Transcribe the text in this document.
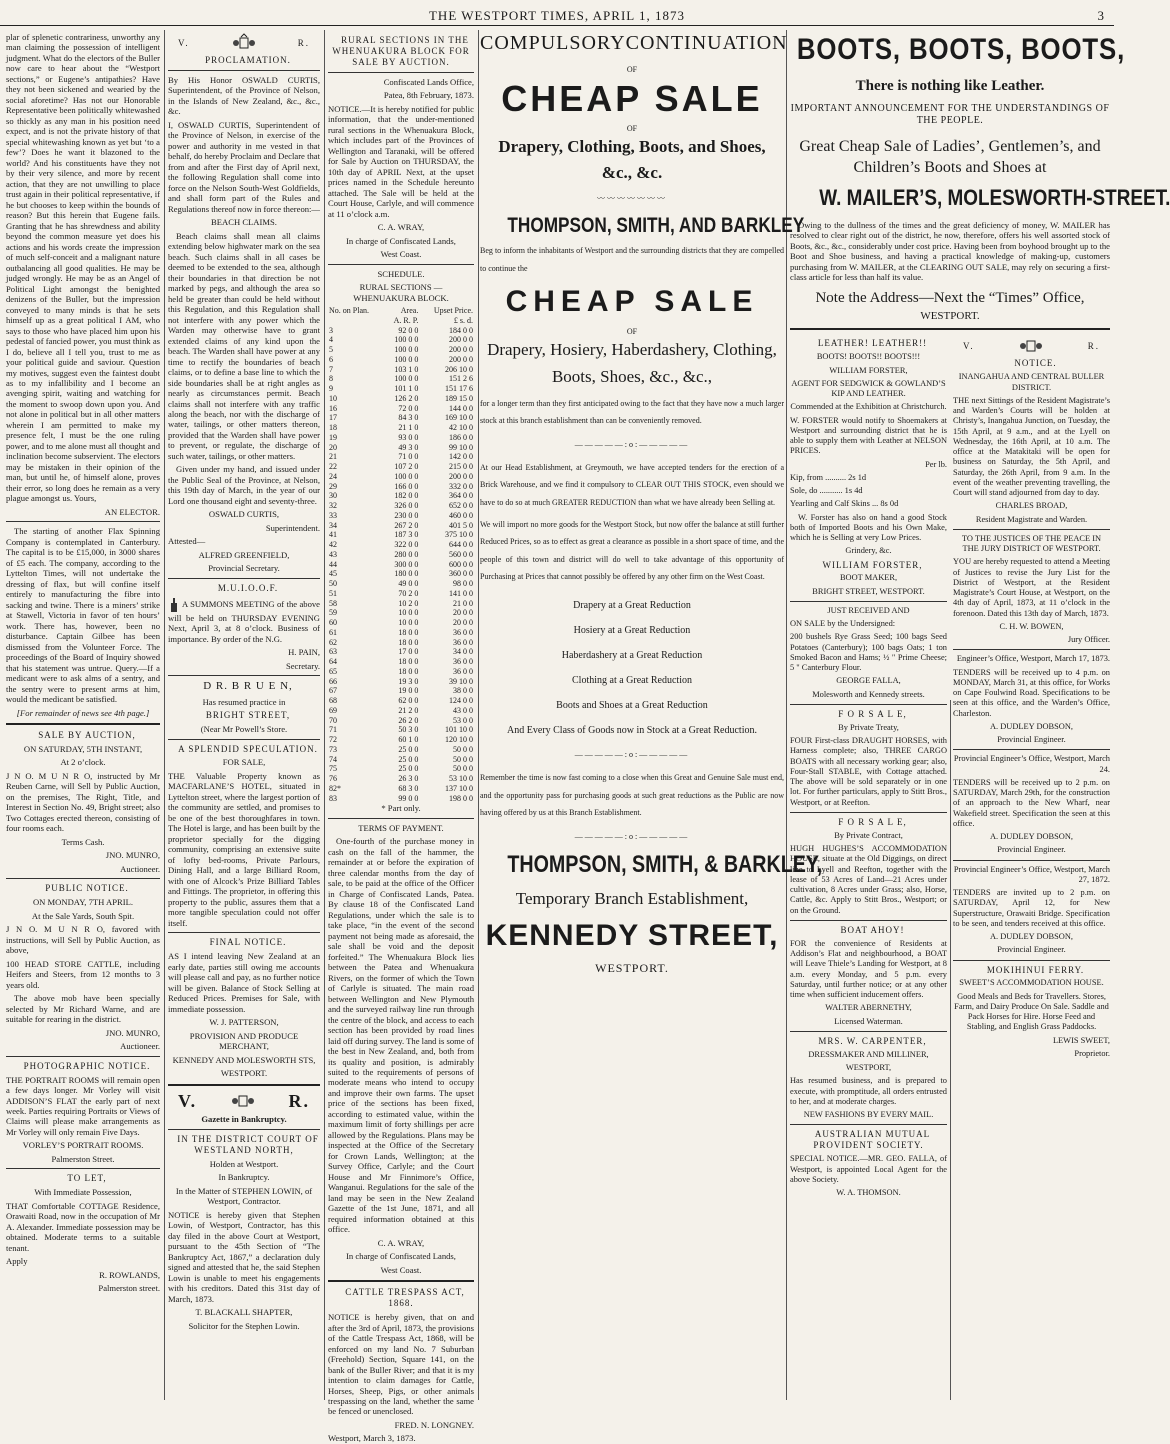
THE WESTPORT TIMES, APRIL 1, 1873	3

plar of splenetic contrariness, unworthy any man claiming the possession of intelligent judgment. What do the electors of the Buller now care to hear about the “Westport sections,” or Eugene’s antipathies? Have they not been sickened and wearied by the social aforetime? Has not our Honorable Representative been politically whitewashed so thickly as any man in his position need expect, and is not the private history of that special whitewashing known as yet but ‘to a few’? Does he want it blazoned to the world? And his constituents have they not by their very silence, and more by recent action, that they are not unwilling to place trust again in their political representative, if he but chooses to keep within the bounds of reason? But this herein that Eugene fails. Granting that he has shrewdness and ability beyond the common measure yet does his actions and his words create the impression of much self-conceit and a malignant nature outbalancing all good qualities. He may be judged wrongly. He may be as an Angel of Political Light amongst the benighted denizens of the Buller, but the impression conveyed to many minds is that he sets himself up as a great political I AM, who says to those who have placed him upon his pedestal of fancied power, you must think as I do, believe all I tell you, trust to me as your political guide and saviour. Question my motives, suggest even the faintest doubt as to my infallibility and I become an avenging spirit, waiting and watching for the moment to swoop down upon you. And not alone in political but in all other matters wherein I am permitted to make my presence felt, I must be the one ruling power, and to me alone must all thought and inclination become subservient. The electors may be mistaken in their opinion of the man, but until he, of himself alone, proves their error, so long does he remain as a very plague amongst us. Yours,

AN ELECTOR.

The starting of another Flax Spinning Company is contemplated in Canterbury. The capital is to be £15,000, in 3000 shares of £5 each. The company, according to the Lyttelton Times, will not undertake the dressing of flax, but will confine itself entirely to manufacturing the fibre into sacking and twine. There is a miners’ strike at Stawell, Victoria in favor of ten hours’ work. There has, however, been no disturbance. Captain Gilbee has been dismissed from the Volunteer Force. The proceedings of the Board of Inquiry showed that his statement was untrue. Query.—If a medicant were to ask alms of a sentry, and the sentry were to present arms at him, would the medicant be satisfied.

[For remainder of news see 4th page.]

SALE BY AUCTION,

ON SATURDAY, 5TH INSTANT,

At 2 o’clock.

J N O. M U N R O, instructed by Mr Reuben Carne, will Sell by Public Auction, on the premises, The Right, Title, and Interest in Section No. 49, Bright street; also Two Cottages erected thereon, consisting of four rooms each.

Terms Cash.

JNO. MUNRO,

Auctioneer.

PUBLIC NOTICE.

ON MONDAY, 7TH APRIL.

At the Sale Yards, South Spit.

J N O. M U N R O, favored with instructions, will Sell by Public Auction, as above,

100 HEAD STORE CATTLE, including Heifers and Steers, from 12 months to 3 years old.

The above mob have been specially selected by Mr Richard Warne, and are suitable for rearing in the district.

JNO. MUNRO,

Auctioneer.

PHOTOGRAPHIC NOTICE.

THE PORTRAIT ROOMS will remain open a few days longer. Mr Vorley will visit ADDISON’S FLAT the early part of next week. Parties requiring Portraits or Views of Claims will please make arrangements as Mr Vorley will only remain Five Days.

VORLEY’S PORTRAIT ROOMS.

Palmerston Street.

TO LET,

With Immediate Possession,

THAT Comfortable COTTAGE Residence, Orawaiti Road, now in the occupation of Mr A. Alexander. Immediate possession may be obtained. Moderate terms to a suitable tenant.

Apply

R. ROWLANDS,

Palmerston street.

V.	R.

PROCLAMATION.

By His Honor OSWALD CURTIS, Superintendent, of the Province of Nelson, in the Islands of New Zealand, &c., &c., &c.

I, OSWALD CURTIS, Superintendent of the Province of Nelson, in exercise of the power and authority in me vested in that behalf, do hereby Proclaim and Declare that from and after the First day of April next, the following Regulation shall come into force on the Nelson South-West Goldfields, and shall form part of the Rules and Regulations thereof now in force thereon:—

BEACH CLAIMS.

Beach claims shall mean all claims extending below highwater mark on the sea beach. Such claims shall in all cases be deemed to be extended to the sea, although their boundaries in that direction be not marked by pegs, and although the area so held be greater than could be held without this Regulation, and this Regulation shall not interfere with any power which the Warden may otherwise have to grant extended claims of any kind upon the beach. The Warden shall have power at any time to rectify the boundaries of beach claims, or to define a base line to which the side boundaries shall be at right angles as nearly as circumstances permit. Beach claims shall not interfere with any traffic along the beach, nor with the discharge of water, tailings, or other matters thereon, provided that the Warden shall have power to prevent, or regulate, the discharge of such water, tailings, or other matters.

Given under my hand, and issued under the Public Seal of the Province, at Nelson, this 19th day of March, in the year of our Lord one thousand eight and seventy-three.

OSWALD CURTIS,

Superintendent.

Attested—

ALFRED GREENFIELD,

Provincial Secretary.

M.U.I.O.O.F.

A SUMMONS MEETING of the above will be held on THURSDAY EVENING Next, April 3, at 8 o’clock. Business of importance. By order of the N.G.

H. PAIN,

Secretary.

D R. B R U E N,

Has resumed practice in

BRIGHT STREET,

(Near Mr Powell’s Store.

A SPLENDID SPECULATION.

FOR SALE,

THE Valuable Property known as MACFARLANE’S HOTEL, situated in Lyttelton street, where the largest portion of the community are settled, and promises to be one of the best thoroughfares in town. The Hotel is large, and has been built by the proprietor specially for the digging community, comprising an extensive suite of lofty bed-rooms, Private Parlours, Dining Hall, and a large Billiard Room, with one of Alcock’s Prize Billiard Tables and Fittings. The proprietor, in offering this property to the public, assures them that a more tangible speculation could not offer itself.

FINAL NOTICE.

AS I intend leaving New Zealand at an early date, parties still owing me accounts will please call and pay, as no further notice will be given. Balance of Stock Selling at Reduced Prices. Premises for Sale, with immediate possession.

W. J. PATTERSON,

PROVISION AND PRODUCE MERCHANT,

KENNEDY AND MOLESWORTH STS,

WESTPORT.

V.	R.

Gazette in Bankruptcy.

IN THE DISTRICT COURT OF WESTLAND NORTH,

Holden at Westport.

In Bankruptcy.

In the Matter of STEPHEN LOWIN, of Westport, Contractor.

NOTICE is hereby given that Stephen Lowin, of Westport, Contractor, has this day filed in the above Court at Westport, pursuant to the 45th Section of “The Bankruptcy Act, 1867,” a declaration duly signed and attested that he, the said Stephen Lowin is unable to meet his engagements with his creditors. Dated this 31st day of March, 1873.

T. BLACKALL SHAPTER,

Solicitor for the Stephen Lowin.

RURAL SECTIONS IN THE WHENUAKURA BLOCK FOR SALE BY AUCTION.

Confiscated Lands Office,

Patea, 8th February, 1873.

NOTICE.—It is hereby notified for public information, that the under-mentioned rural sections in the Whenuakura Block, which includes part of the Provinces of Wellington and Taranaki, will be offered for Sale by Auction on THURSDAY, the 10th day of APRIL Next, at the upset prices named in the Schedule hereunto attached. The Sale will be held at the Court House, Carlyle, and will commence at 11 o’clock a.m.

C. A. WRAY,

In charge of Confiscated Lands,

West Coast.

SCHEDULE.

RURAL SECTIONS — WHENUAKURA BLOCK.

No. on Plan.	Area.	Upset Price.
	A. R. P.	£ s. d.
3	92 0 0	184 0 0
4	100 0 0	200 0 0
5	100 0 0	200 0 0
6	100 0 0	200 0 0
7	103 1 0	206 10 0
8	100 0 0	151 2 6
9	101 1 0	151 17 6
10	126 2 0	189 15 0
16	72 0 0	144 0 0
17	84 3 0	169 10 0
18	21 1 0	42 10 0
19	93 0 0	186 0 0
20	49 3 0	99 10 0
21	71 0 0	142 0 0
22	107 2 0	215 0 0
24	100 0 0	200 0 0
29	166 0 0	332 0 0
30	182 0 0	364 0 0
32	326 0 0	652 0 0
33	230 0 0	460 0 0
34	267 2 0	401 5 0
41	187 3 0	375 10 0
42	322 0 0	644 0 0
43	280 0 0	560 0 0
44	300 0 0	600 0 0
45	180 0 0	360 0 0
50	49 0 0	98 0 0
51	70 2 0	141 0 0
58	10 2 0	21 0 0
59	10 0 0	20 0 0
60	10 0 0	20 0 0
61	18 0 0	36 0 0
62	18 0 0	36 0 0
63	17 0 0	34 0 0
64	18 0 0	36 0 0
65	18 0 0	36 0 0
66	19 3 0	39 10 0
67	19 0 0	38 0 0
68	62 0 0	124 0 0
69	21 2 0	43 0 0
70	26 2 0	53 0 0
71	50 3 0	101 10 0
72	60 1 0	120 10 0
73	25 0 0	50 0 0
74	25 0 0	50 0 0
75	25 0 0	50 0 0
76	26 3 0	53 10 0
82*	68 3 0	137 10 0
83	99 0 0	198 0 0

* Part only.

TERMS OF PAYMENT.

One-fourth of the purchase money in cash on the fall of the hammer, the remainder at or before the expiration of three calendar months from the day of sale, to be paid at the office of the Officer in Charge of Confiscated Lands, Patea. By clause 18 of the Confiscated Land Regulations, under which the sale is to take place, “in the event of the second payment not being made as aforesaid, the sale shall be void and the deposit forfeited.” The Whenuakura Block lies between the Patea and Whenuakura Rivers, on the former of which the Town of Carlyle is situated. The main road between Wellington and New Plymouth and the surveyed railway line run through the centre of the block, and access to each section has been provided by road lines laid off during survey. The land is some of the best in New Zealand, and, both from its quality and position, is admirably suited to the requirements of persons of moderate means who intend to occupy and improve their own farms. The upset price of the sections has been fixed, according to estimated value, within the maximum limit of forty shillings per acre allowed by the Regulations. Plans may be inspected at the Office of the Secretary for Crown Lands, Wellington; at the Survey Office, Carlyle; and the Court House and Mr Finnimore’s Office, Wanganui. Regulations for the sale of the land may be seen in the New Zealand Gazette of the 1st June, 1871, and all required information obtained at this office.

C. A. WRAY,

In charge of Confiscated Lands,

West Coast.

CATTLE TRESPASS ACT, 1868.

NOTICE is hereby given, that on and after the 3rd of April, 1873, the provisions of the Cattle Trespass Act, 1868, will be enforced on my land No. 7 Suburban (Freehold) Section, Square 141, on the bank of the Buller River; and that it is my intention to claim damages for Cattle, Horses, Sheep, Pigs, or other animals trespassing on the land, whether the same be fenced or unenclosed.

FRED. N. LONGNEY.

Westport, March 3, 1873.

COMPULSORY CONTINUATION

OF

CHEAP SALE

OF

Drapery, Clothing, Boots, and Shoes,

&c., &c.

〰〰〰〰〰〰〰

THOMPSON, SMITH, AND BARKLEY

Beg to inform the inhabitants of Westport and the surrounding districts that they are compelled to continue the

CHEAP SALE

OF

Drapery, Hosiery, Haberdashery, Clothing, Boots, Shoes, &c., &c.,

for a longer term than they first anticipated owing to the fact that they have now a much larger stock at this branch establishment than can be conveniently removed.

—————:o:—————

At our Head Establishment, at Greymouth, we have accepted tenders for the erection of a Brick Warehouse, and we find it compulsory to CLEAR OUT THIS STOCK, even should we have to do so at much GREATER REDUCTION than what we have already been Selling at.

We will import no more goods for the Westport Stock, but now offer the balance at still further Reduced Prices, so as to effect as great a clearance as possible in a short space of time, and the people of this town and district will do well to take advantage of this opportunity of Purchasing at Prices that cannot possibly be offered by any other firm on the West Coast.

Drapery at a Great Reduction

Hosiery at a Great Reduction

Haberdashery at a Great Reduction

Clothing at a Great Reduction

Boots and Shoes at a Great Reduction

And Every Class of Goods now in Stock at a Great Reduction.

—————:o:—————

Remember the time is now fast coming to a close when this Great and Genuine Sale must end, and the opportunity pass for purchasing goods at such great reductions as the Public are now having offered by us at this Branch Establishment.

—————:o:—————

THOMPSON, SMITH, & BARKLEY,

Temporary Branch Establishment,

KENNEDY STREET,

WESTPORT.

BOOTS, BOOTS, BOOTS,

There is nothing like Leather.

IMPORTANT ANNOUNCEMENT FOR THE UNDERSTANDINGS OF THE PEOPLE.

Great Cheap Sale of Ladies’, Gentlemen’s, and Children’s Boots and Shoes at

W. MAILER’S, MOLESWORTH-STREET.

Owing to the dullness of the times and the great deficiency of money, W. MAILER has resolved to clear right out of the district, he now, therefore, offers his well assorted stock of Boots, &c., &c., considerably under cost price. Having been from boyhood brought up to the Boot and Shoe business, and having a practical knowledge of making-up, customers purchasing from W. MAILER, at the CLEARING OUT SALE, may rely on securing a first-class article for less than half its value.

Note the Address—Next the “Times” Office,

WESTPORT.

LEATHER! LEATHER!!

BOOTS! BOOTS!! BOOTS!!!

WILLIAM FORSTER,

AGENT FOR SEDGWICK & GOWLAND’S KIP AND LEATHER.

Commended at the Exhibition at Christchurch.

W. FORSTER would notify to Shoemakers at Westport and surrounding district that he is able to supply them with Leather at NELSON PRICES.

Per lb.

Kip, from .......... 2s 1d

Sole, do ........... 1s 4d

Yearling and Calf Skins ... 8s 0d

W. Forster has also on hand a good Stock both of Imported Boots and his Own Make, which he is Selling at very Low Prices.

Grindery, &c.

WILLIAM FORSTER,

BOOT MAKER,

BRIGHT STREET, WESTPORT.

JUST RECEIVED AND

ON SALE by the Undersigned:

200 bushels Rye Grass Seed; 100 bags Seed Potatoes (Canterbury); 100 bags Oats; 1 ton Smoked Bacon and Hams; ½ " Prime Cheese; 5 " Canterbury Flour.

GEORGE FALLA,

Molesworth and Kennedy streets.

F O R S A L E,

By Private Treaty,

FOUR First-class DRAUGHT HORSES, with Harness complete; also, THREE CARGO BOATS with all necessary working gear; also, Four-Stall STABLE, with Cottage attached. The above will be sold separately or in one lot. For further particulars, apply to Stitt Bros., Westport, or at Reefton.

F O R S A L E,

By Private Contract,

HUGH HUGHES’S ACCOMMODATION HOUSE, situate at the Old Diggings, on direct line to Lyell and Reefton, together with the lease of 53 Acres of Land—21 Acres under cultivation, 8 Acres under Grass; also, Horse, Cattle, &c. Apply to Stitt Bros., Westport; or on the Ground.

BOAT AHOY!

FOR the convenience of Residents at Addison’s Flat and neighbourhood, a BOAT will Leave Thiele’s Landing for Westport, at 8 a.m. every Monday, and 5 p.m. every Saturday, until further notice; or at any other time when sufficient inducement offers.

WALTER ABERNETHY,

Licensed Waterman.

MRS. W. CARPENTER,

DRESSMAKER AND MILLINER,

WESTPORT,

Has resumed business, and is prepared to execute, with promptitude, all orders entrusted to her, and at moderate charges.

NEW FASHIONS BY EVERY MAIL.

AUSTRALIAN MUTUAL PROVIDENT SOCIETY.

SPECIAL NOTICE.—MR. GEO. FALLA, of Westport, is appointed Local Agent for the above Society.

W. A. THOMSON.

V.	R.

NOTICE.

INANGAHUA AND CENTRAL BULLER DISTRICT.

THE next Sittings of the Resident Magistrate’s and Warden’s Courts will be holden at Christy’s, Inangahua Junction, on Tuesday, the 15th April, at 9 a.m., and at the Lyell on Wednesday, the 16th April, at 10 a.m. The office at the Matakitaki will be open for business on Saturday, the 5th April, and Saturday, the 26th April, from 9 a.m. In the event of the weather preventing travelling, the Court will stand adjourned from day to day.

CHARLES BROAD,

Resident Magistrate and Warden.

TO THE JUSTICES OF THE PEACE IN THE JURY DISTRICT OF WESTPORT.

YOU are hereby requested to attend a Meeting of Justices to revise the Jury List for the District of Westport, at the Resident Magistrate’s Court House, at Westport, on the 4th day of April, 1873, at 11 o’clock in the forenoon. Dated this 13th day of March, 1873.

C. H. W. BOWEN,

Jury Officer.

Engineer’s Office, Westport, March 17, 1873.

TENDERS will be received up to 4 p.m. on MONDAY, March 31, at this office, for Works on Cape Foulwind Road. Specifications to be seen at this office, and the Warden’s Office, Charleston.

A. DUDLEY DOBSON,

Provincial Engineer.

Provincial Engineer’s Office, Westport, March 24.

TENDERS will be received up to 2 p.m. on SATURDAY, March 29th, for the construction of an approach to the New Wharf, near Wakefield street. Specification the seen at this office.

A. DUDLEY DOBSON,

Provincial Engineer.

Provincial Engineer’s Office, Westport, March 27, 1872.

TENDERS are invited up to 2 p.m. on SATURDAY, April 12, for New Superstructure, Orawaiti Bridge. Specification to be seen, and tenders received at this office.

A. DUDLEY DOBSON,

Provincial Engineer.

MOKIHINUI FERRY.

SWEET’S ACCOMMODATION HOUSE.

Good Meals and Beds for Travellers. Stores, Farm, and Dairy Produce On Sale. Saddle and Pack Horses for Hire. Horse Feed and Stabling, and English Grass Paddocks.

LEWIS SWEET,

Proprietor.
